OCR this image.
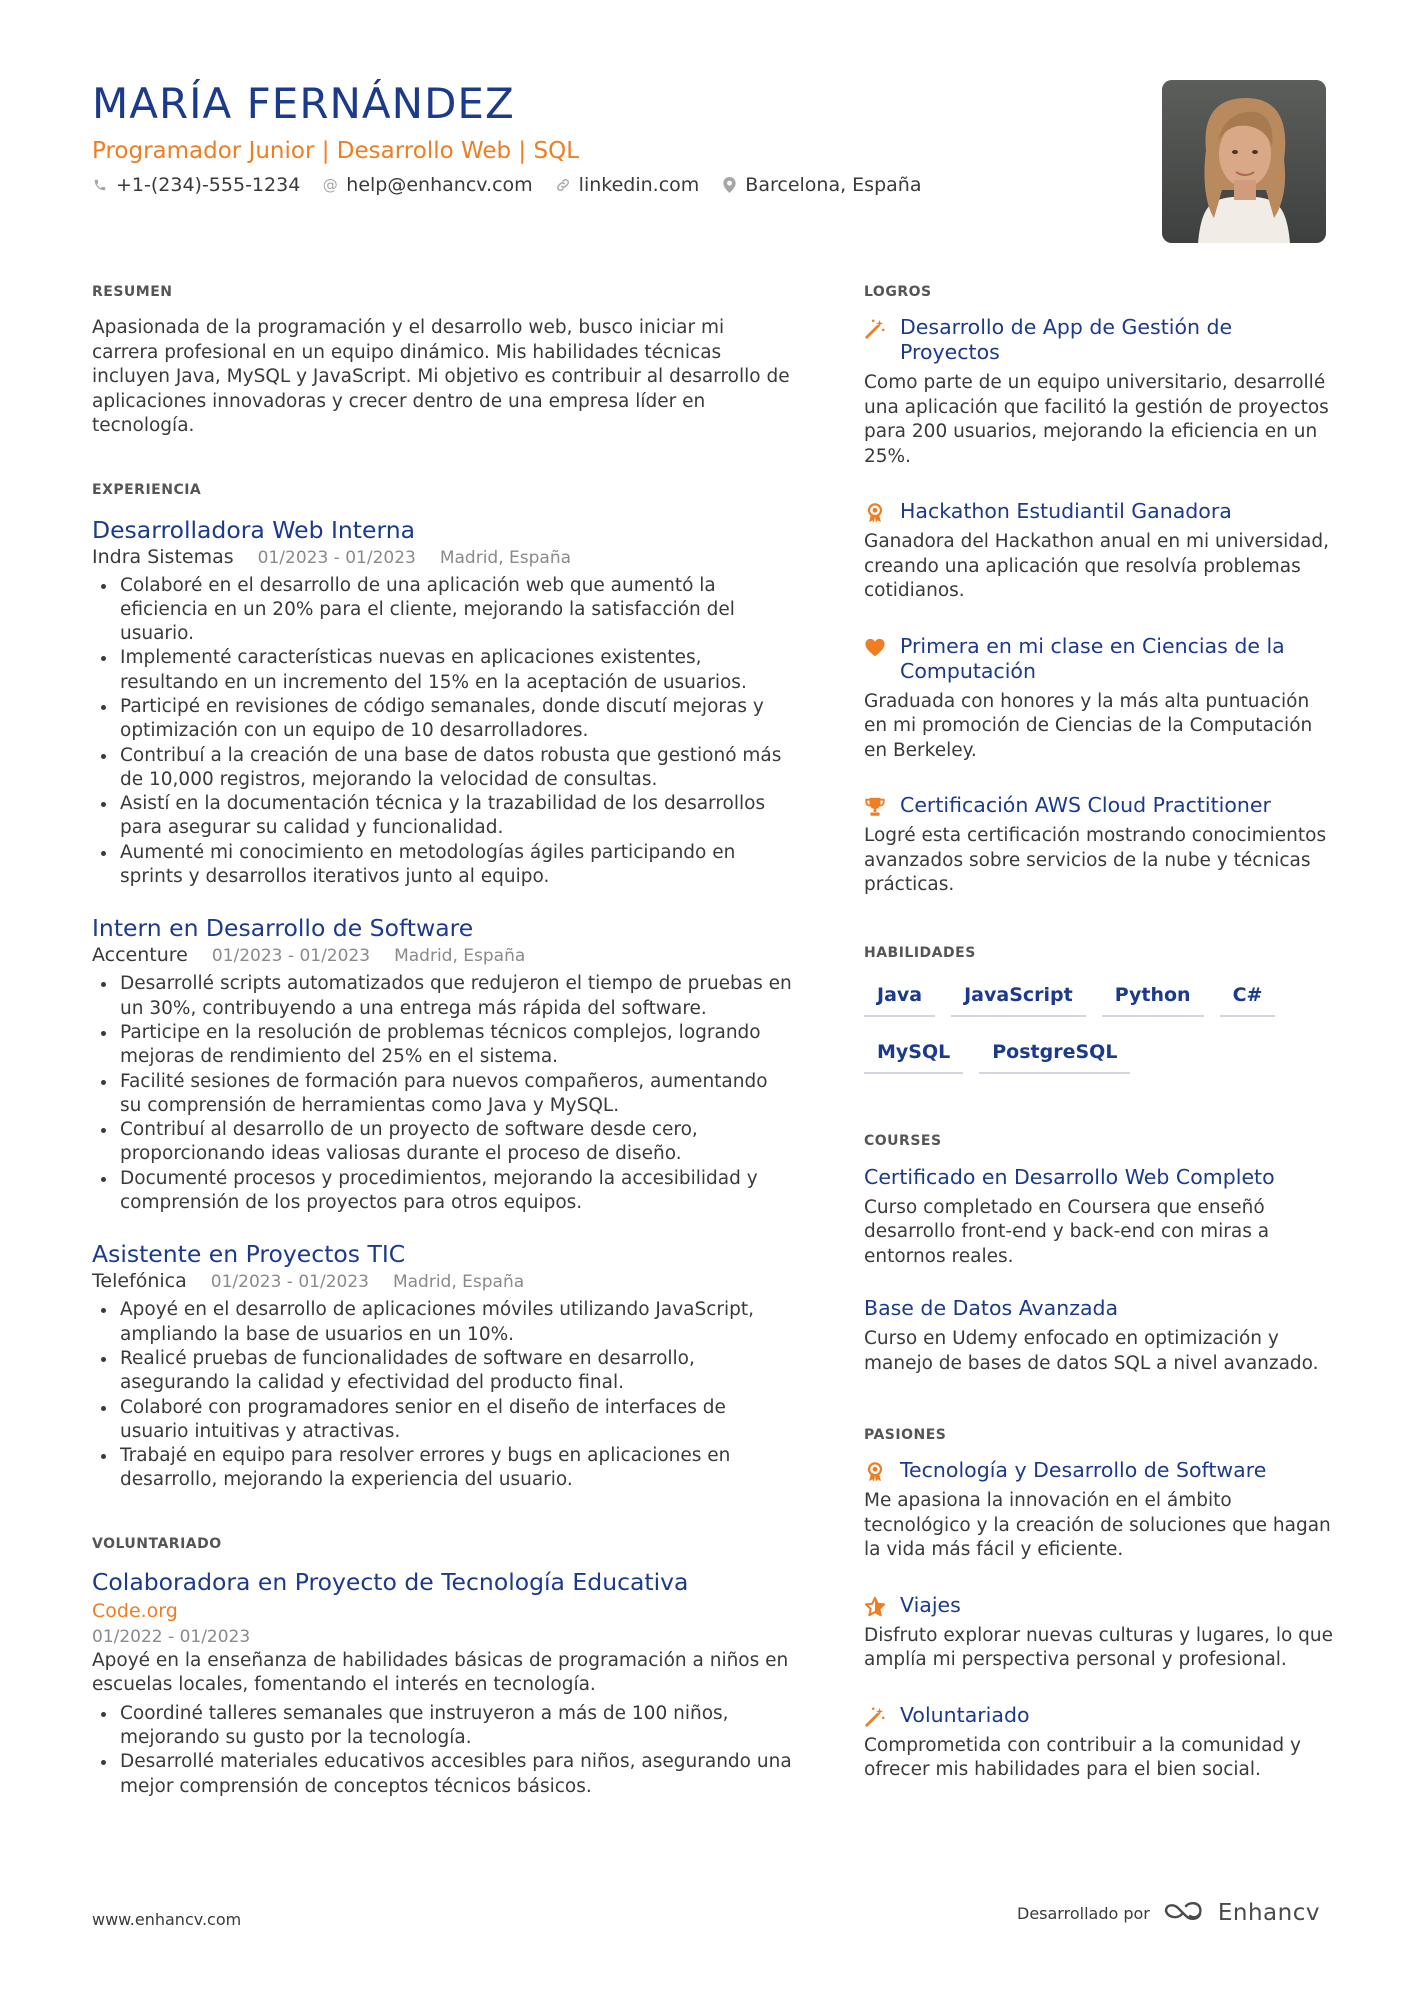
MARÍA FERNÁNDEZ
Programador Junior | Desarrollo Web | SQL
+1-(234)-555-1234 @ help@enhancv.com linkedin.com Barcelona, España
RESUMEN

Apasionada de la programación y el desarrollo web, busco iniciar mi carrera profesional en un equipo dinámico. Mis habilidades técnicas incluyen Java, MySQL y JavaScript. Mi objetivo es contribuir al desarrollo de aplicaciones innovadoras y crecer dentro de una empresa líder en tecnología.

EXPERIENCIA
Desarrolladora Web Interna
Indra Sistemas 01/2023 - 01/2023 Madrid, España
Colaboré en el desarrollo de una aplicación web que aumentó la eficiencia en un 20% para el cliente, mejorando la satisfacción del usuario.
Implementé características nuevas en aplicaciones existentes, resultando en un incremento del 15% en la aceptación de usuarios.
Participé en revisiones de código semanales, donde discutí mejoras y optimización con un equipo de 10 desarrolladores.
Contribuí a la creación de una base de datos robusta que gestionó más de 10,000 registros, mejorando la velocidad de consultas.
Asistí en la documentación técnica y la trazabilidad de los desarrollos para asegurar su calidad y funcionalidad.
Aumenté mi conocimiento en metodologías ágiles participando en sprints y desarrollos iterativos junto al equipo.
Intern en Desarrollo de Software
Accenture 01/2023 - 01/2023 Madrid, España
Desarrollé scripts automatizados que redujeron el tiempo de pruebas en un 30%, contribuyendo a una entrega más rápida del software.
Participe en la resolución de problemas técnicos complejos, logrando mejoras de rendimiento del 25% en el sistema.
Facilité sesiones de formación para nuevos compañeros, aumentando su comprensión de herramientas como Java y MySQL.
Contribuí al desarrollo de un proyecto de software desde cero, proporcionando ideas valiosas durante el proceso de diseño.
Documenté procesos y procedimientos, mejorando la accesibilidad y comprensión de los proyectos para otros equipos.
Asistente en Proyectos TIC
Telefónica 01/2023 - 01/2023 Madrid, España
Apoyé en el desarrollo de aplicaciones móviles utilizando JavaScript, ampliando la base de usuarios en un 10%.
Realicé pruebas de funcionalidades de software en desarrollo, asegurando la calidad y efectividad del producto final.
Colaboré con programadores senior en el diseño de interfaces de usuario intuitivas y atractivas.
Trabajé en equipo para resolver errores y bugs en aplicaciones en desarrollo, mejorando la experiencia del usuario.
VOLUNTARIADO
Colaboradora en Proyecto de Tecnología Educativa
Code.org
01/2022 - 01/2023

Apoyé en la enseñanza de habilidades básicas de programación a niños en escuelas locales, fomentando el interés en tecnología.

Coordiné talleres semanales que instruyeron a más de 100 niños, mejorando su gusto por la tecnología.
Desarrollé materiales educativos accesibles para niños, asegurando una mejor comprensión de conceptos técnicos básicos.
LOGROS
Desarrollo de App de Gestión de Proyectos
Como parte de un equipo universitario, desarrollé una aplicación que facilitó la gestión de proyectos para 200 usuarios, mejorando la eficiencia en un 25%.
Hackathon Estudiantil Ganadora
Ganadora del Hackathon anual en mi universidad, creando una aplicación que resolvía problemas cotidianos.
Primera en mi clase en Ciencias de la Computación
Graduada con honores y la más alta puntuación en mi promoción de Ciencias de la Computación en Berkeley.
Certificación AWS Cloud Practitioner
Logré esta certificación mostrando conocimientos avanzados sobre servicios de la nube y técnicas prácticas.
HABILIDADES
Java	JavaScript	Python	C#
MySQL	PostgreSQL
COURSES
Certificado en Desarrollo Web Completo
Curso completado en Coursera que enseñó desarrollo front-end y back-end con miras a entornos reales.
Base de Datos Avanzada
Curso en Udemy enfocado en optimización y manejo de bases de datos SQL a nivel avanzado.
PASIONES
Tecnología y Desarrollo de Software
Me apasiona la innovación en el ámbito tecnológico y la creación de soluciones que hagan la vida más fácil y eficiente.
Viajes
Disfruto explorar nuevas culturas y lugares, lo que amplía mi perspectiva personal y profesional.
Voluntariado
Comprometida con contribuir a la comunidad y ofrecer mis habilidades para el bien social.
www.enhancv.com	Desarrollado por	Enhancv
